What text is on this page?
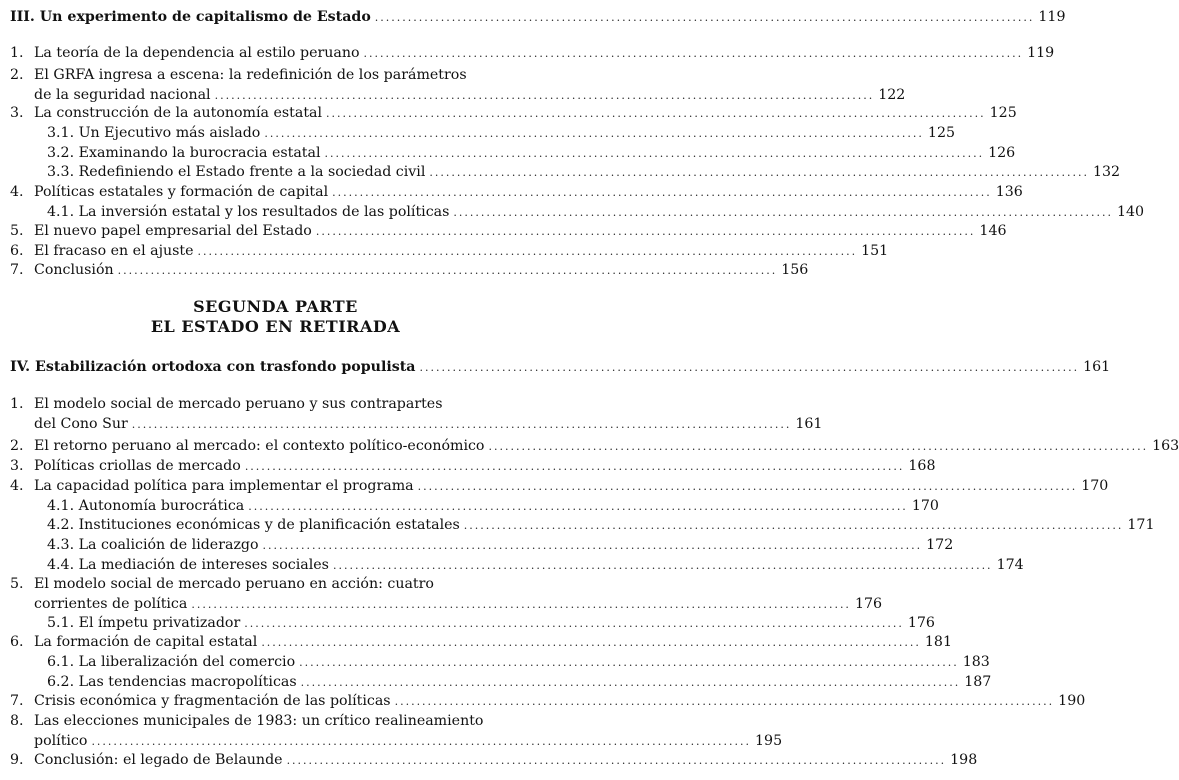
SEGUNDA PARTE
EL ESTADO EN RETIRADA
III. Un experimento de capitalismo de Estado ........................................................................................................................ 119
1. La teoría de la dependencia al estilo peruano ........................................................................................................................ 119
2. El GRFA ingresa a escena: la redefinición de los parámetros
de la seguridad nacional ........................................................................................................................ 122
3. La construcción de la autonomía estatal ........................................................................................................................ 125
3.1. Un Ejecutivo más aislado ........................................................................................................................ 125
3.2. Examinando la burocracia estatal ........................................................................................................................ 126
3.3. Redefiniendo el Estado frente a la sociedad civil ........................................................................................................................ 132
4. Políticas estatales y formación de capital ........................................................................................................................ 136
4.1. La inversión estatal y los resultados de las políticas ........................................................................................................................ 140
5. El nuevo papel empresarial del Estado ........................................................................................................................ 146
6. El fracaso en el ajuste ........................................................................................................................ 151
7. Conclusión ........................................................................................................................ 156
IV. Estabilización ortodoxa con trasfondo populista ........................................................................................................................ 161
1. El modelo social de mercado peruano y sus contrapartes
del Cono Sur ........................................................................................................................ 161
2. El retorno peruano al mercado: el contexto político-económico ........................................................................................................................ 163
3. Políticas criollas de mercado ........................................................................................................................ 168
4. La capacidad política para implementar el programa ........................................................................................................................ 170
4.1. Autonomía burocrática ........................................................................................................................ 170
4.2. Instituciones económicas y de planificación estatales ........................................................................................................................ 171
4.3. La coalición de liderazgo ........................................................................................................................ 172
4.4. La mediación de intereses sociales ........................................................................................................................ 174
5. El modelo social de mercado peruano en acción: cuatro
corrientes de política ........................................................................................................................ 176
5.1. El ímpetu privatizador ........................................................................................................................ 176
6. La formación de capital estatal ........................................................................................................................ 181
6.1. La liberalización del comercio ........................................................................................................................ 183
6.2. Las tendencias macropolíticas ........................................................................................................................ 187
7. Crisis económica y fragmentación de las políticas ........................................................................................................................ 190
8. Las elecciones municipales de 1983: un crítico realineamiento
político ........................................................................................................................ 195
9. Conclusión: el legado de Belaunde ........................................................................................................................ 198
